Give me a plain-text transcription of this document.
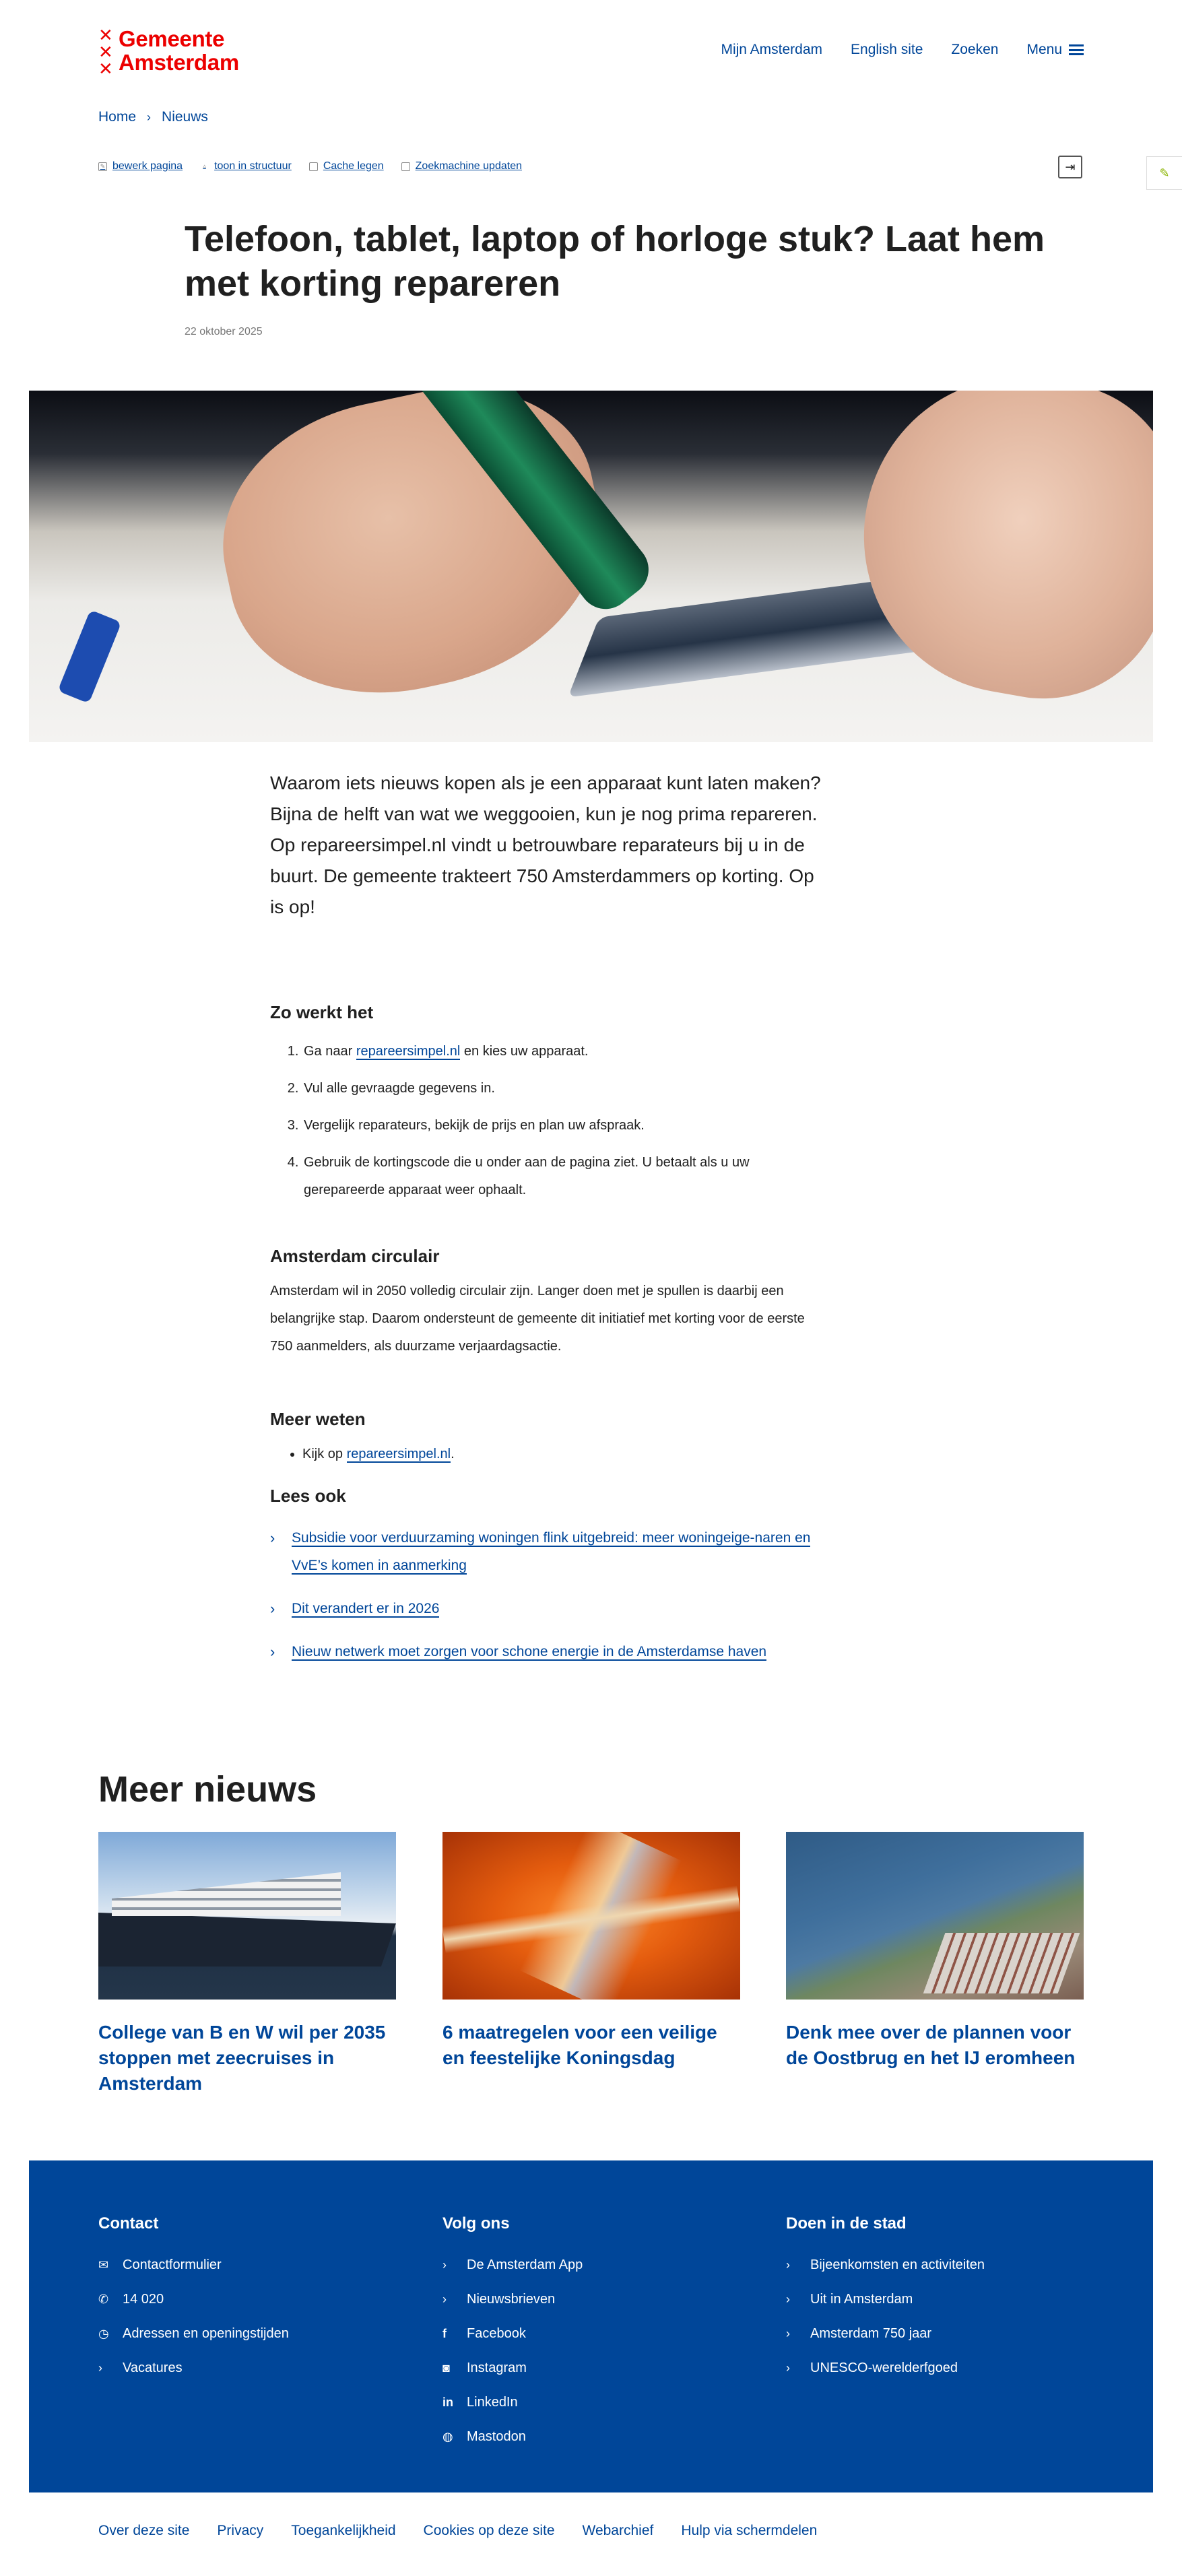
✕
✕
✕
Gemeente
Amsterdam
Mijn Amsterdam English site Zoeken Menu
Home › Nieuws
✎ bewerk pagina	▵ toon in structuur	Cache legen	Zoekmachine updaten	⇥	✎
Telefoon, tablet, laptop of horloge stuk? Laat hem met korting repareren
22 oktober 2025

Waarom iets nieuws kopen als je een apparaat kunt laten maken? Bijna de helft van wat we weggooien, kun je nog prima repareren. Op repareersimpel.nl vindt u betrouwbare reparateurs bij u in de buurt. De gemeente trakteert 750 Amsterdammers op korting. Op is op!

Zo werkt het
1. Ga naar repareersimpel.nl en kies uw apparaat.
2. Vul alle gevraagde gegevens in.
3. Vergelijk reparateurs, bekijk de prijs en plan uw afspraak.
4. Gebruik de kortingscode die u onder aan de pagina ziet. U betaalt als u uw gerepareerde apparaat weer ophaalt.
Amsterdam circulair

Amsterdam wil in 2050 volledig circulair zijn. Langer doen met je spullen is daarbij een belangrijke stap. Daarom ondersteunt de gemeente dit initiatief met korting voor de eerste 750 aanmelders, als duurzame verjaardagsactie.

Meer weten
• Kijk op repareersimpel.nl.
Lees ook
›	Subsidie voor verduurzaming woningen flink uitgebreid: meer woningeige-naren en VvE’s komen in aanmerking
›	Dit verandert er in 2026
›	Nieuw netwerk moet zorgen voor schone energie in de Amsterdamse haven
Meer nieuws
College van B en W wil per 2035 stoppen met zeecruises in Amsterdam
6 maatregelen voor een veilige en feestelijke Koningsdag
Denk mee over de plannen voor de Oostbrug en het IJ eromheen
Contact
✉	Contactformulier
✆	14 020
◷	Adressen en openingstijden
›	Vacatures
Volg ons
›	De Amsterdam App
›	Nieuwsbrieven
f	Facebook
◙	Instagram
in	LinkedIn
◍	Mastodon
Doen in de stad
›	Bijeenkomsten en activiteiten
›	Uit in Amsterdam
›	Amsterdam 750 jaar
›	UNESCO-werelderfgoed
Over deze site Privacy Toegankelijkheid Cookies op deze site Webarchief Hulp via schermdelen
